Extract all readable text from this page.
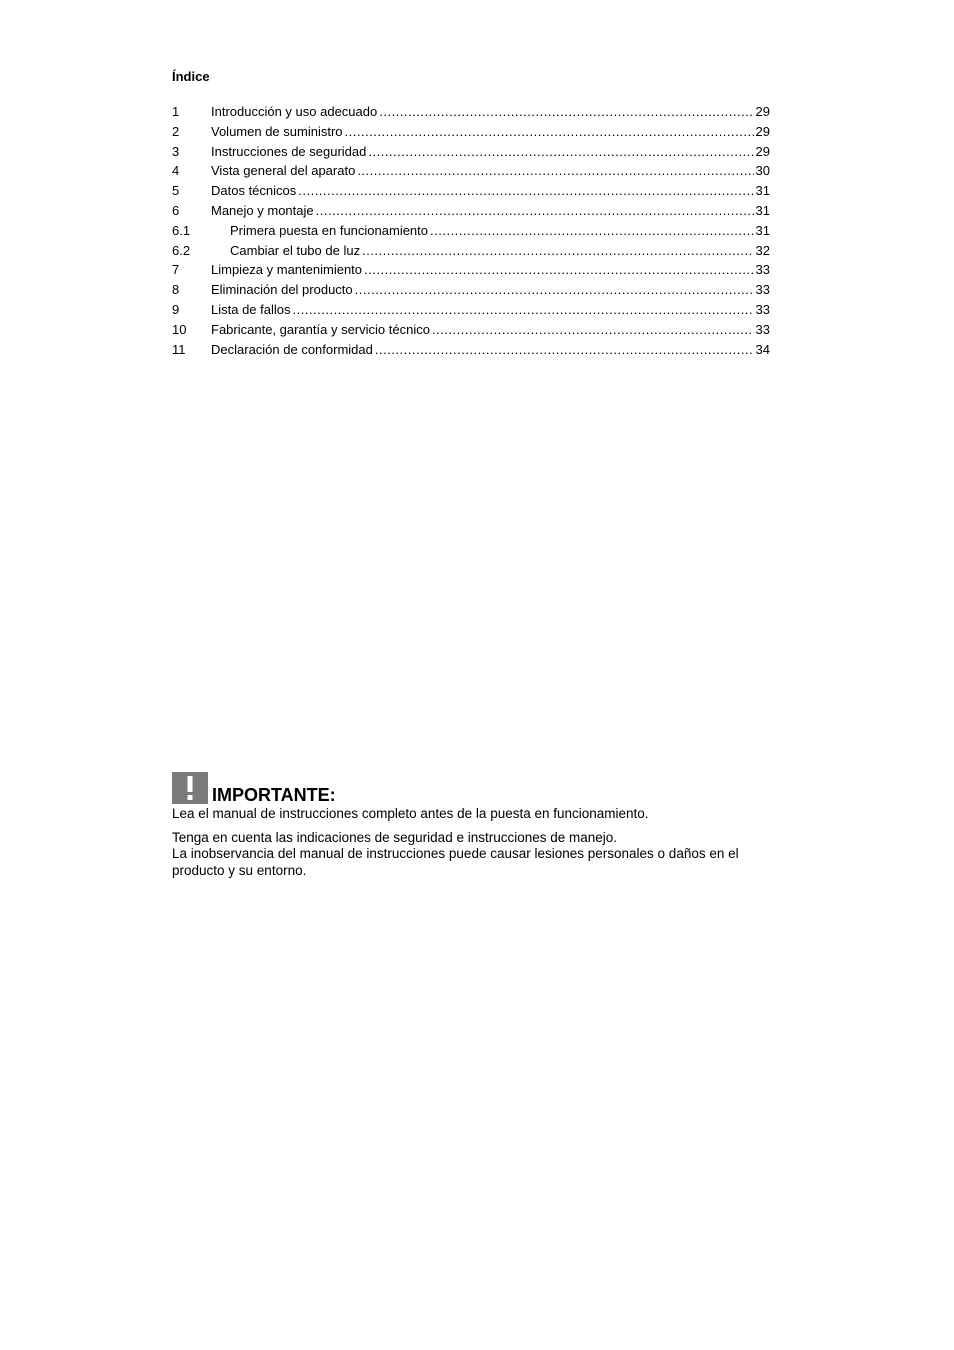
Índice
1	Introducción y uso adecuado .....	29
2	Volumen de suministro .....	29
3	Instrucciones de seguridad .....	29
4	Vista general del aparato .....	30
5	Datos técnicos .....	31
6	Manejo y montaje .....	31
6.1	Primera puesta en funcionamiento .....	31
6.2	Cambiar el tubo de luz .....	32
7	Limpieza y mantenimiento .....	33
8	Eliminación del producto .....	33
9	Lista de fallos .....	33
10	Fabricante, garantía y servicio técnico .....	33
11	Declaración de conformidad .....	34
IMPORTANTE:

Lea el manual de instrucciones completo antes de la puesta en funcionamiento.

Tenga en cuenta las indicaciones de seguridad e instrucciones de manejo.

La inobservancia del manual de instrucciones puede causar lesiones personales o daños en el producto y su entorno.
